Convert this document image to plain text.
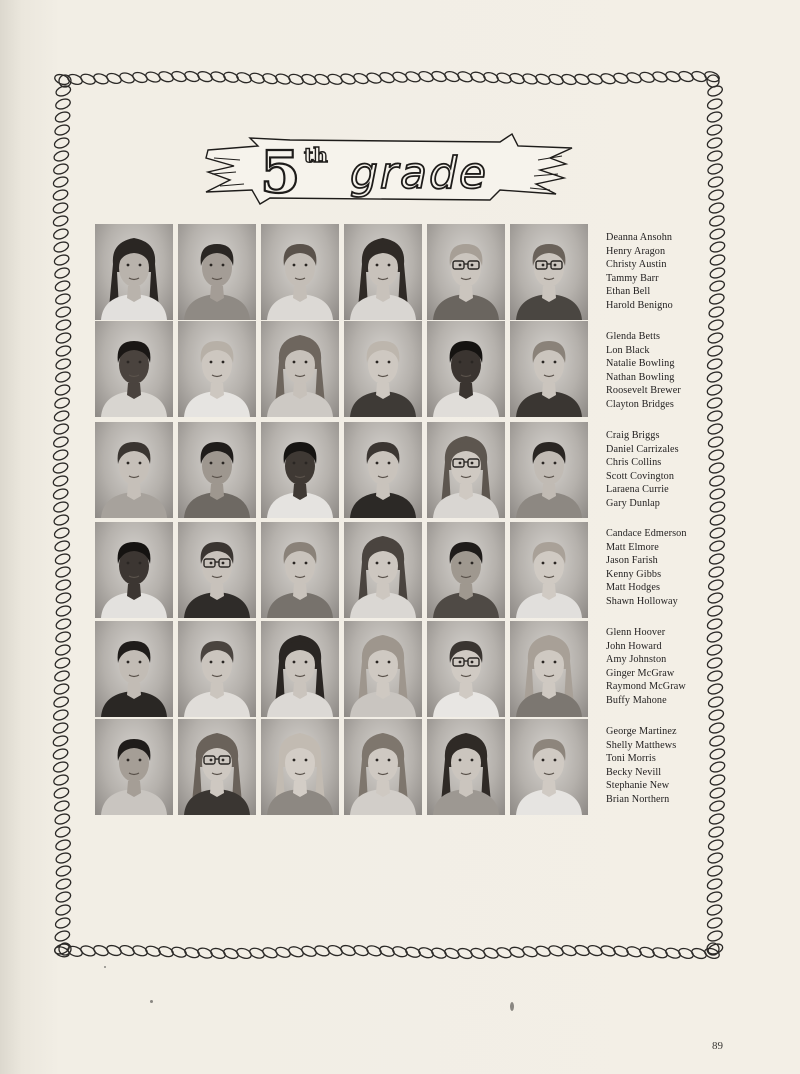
5 th grade
Deanna Ansohn
Henry Aragon
Christy Austin
Tammy Barr
Ethan Bell
Harold Benigno
Glenda Betts
Lon Black
Natalie Bowling
Nathan Bowling
Roosevelt Brewer
Clayton Bridges
Craig Briggs
Daniel Carrizales
Chris Collins
Scott Covington
Laraena Currie
Gary Dunlap
Candace Edmerson
Matt Elmore
Jason Farish
Kenny Gibbs
Matt Hodges
Shawn Holloway
Glenn Hoover
John Howard
Amy Johnston
Ginger McGraw
Raymond McGraw
Buffy Mahone
George Martinez
Shelly Matthews
Toni Morris
Becky Nevill
Stephanie New
Brian Northern
89
